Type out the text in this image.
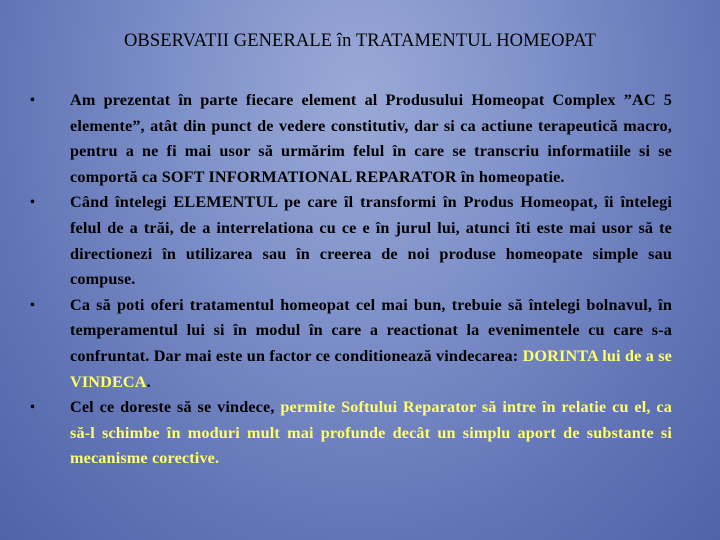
OBSERVATII GENERALE în TRATAMENTUL HOMEOPAT
• Am prezentat în parte fiecare element al Produsului Homeopat Complex ”AC 5 elemente”, atât din punct de vedere constitutiv, dar si ca actiune terapeutică macro, pentru a ne fi mai usor să urmărim felul în care se transcriu informatiile si se comportă ca SOFT INFORMATIONAL REPARATOR în homeopatie.
• Când întelegi ELEMENTUL pe care îl transformi în Produs Homeopat, îi întelegi felul de a trăi, de a interrelationa cu ce e în jurul lui, atunci îti este mai usor să te directionezi în utilizarea sau în creerea de noi produse homeopate simple sau compuse.
• Ca să poti oferi tratamentul homeopat cel mai bun, trebuie să întelegi bolnavul, în temperamentul lui si în modul în care a reactionat la evenimentele cu care s-a confruntat. Dar mai este un factor ce conditionează vindecarea: DORINTA lui de a se VINDECA.
• Cel ce doreste să se vindece, permite Softului Reparator să intre în relatie cu el, ca să-l schimbe în moduri mult mai profunde decât un simplu aport de substante si mecanisme corective.
